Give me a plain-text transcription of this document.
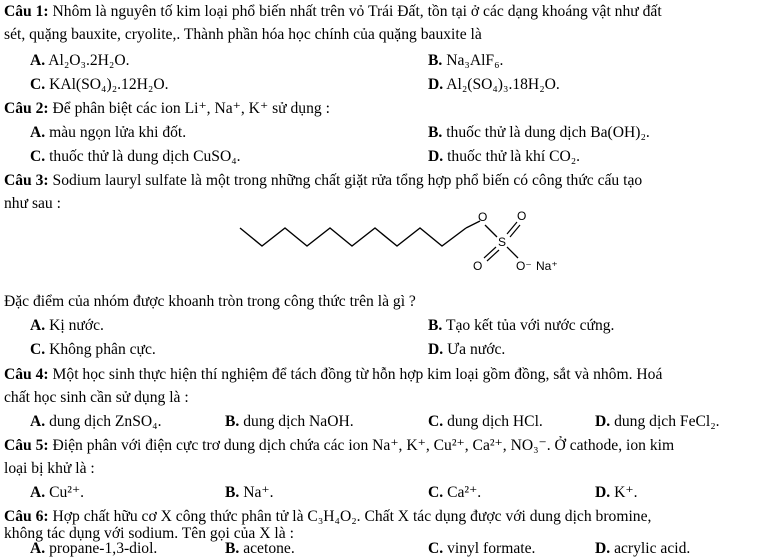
Câu 1: Nhôm là nguyên tố kim loại phổ biến nhất trên vỏ Trái Đất, tồn tại ở các dạng khoáng vật như đất
sét, quặng bauxite, cryolite,. Thành phần hóa học chính của quặng bauxite là
A. Al₂O₃.2H₂O.	B. Na₃AlF₆.
C. KAl(SO₄)₂.12H₂O.	D. Al₂(SO₄)₃.18H₂O.
Câu 2: Để phân biệt các ion Li⁺, Na⁺, K⁺ sử dụng :
A. màu ngọn lửa khi đốt.	B. thuốc thử là dung dịch Ba(OH)₂.
C. thuốc thử là dung dịch CuSO₄.	D. thuốc thử là khí CO₂.
Câu 3: Sodium lauryl sulfate là một trong những chất giặt rửa tổng hợp phổ biến có công thức cấu tạo
như sau :
O O
S
O	O⁻ Na⁺
Đặc điểm của nhóm được khoanh tròn trong công thức trên là gì ?
A. Kị nước.	B. Tạo kết tủa với nước cứng.
C. Không phân cực.	D. Ưa nước.
Câu 4: Một học sinh thực hiện thí nghiệm để tách đồng từ hỗn hợp kim loại gồm đồng, sắt và nhôm. Hoá
chất học sinh cần sử dụng là :
A. dung dịch ZnSO₄.	B. dung dịch NaOH.	C. dung dịch HCl.	D. dung dịch FeCl₂.
Câu 5: Điện phân với điện cực trơ dung dịch chứa các ion Na⁺, K⁺, Cu²⁺, Ca²⁺, NO₃⁻. Ở cathode, ion kim
loại bị khử là :
A. Cu²⁺.	B. Na⁺.	C. Ca²⁺.	D. K⁺.
Câu 6: Hợp chất hữu cơ X công thức phân tử là C₃H₄O₂. Chất X tác dụng được với dung dịch bromine,
không tác dụng với sodium. Tên gọi của X là :
A. propane-1,3-diol.	B. acetone.	C. vinyl formate.	D. acrylic acid.
